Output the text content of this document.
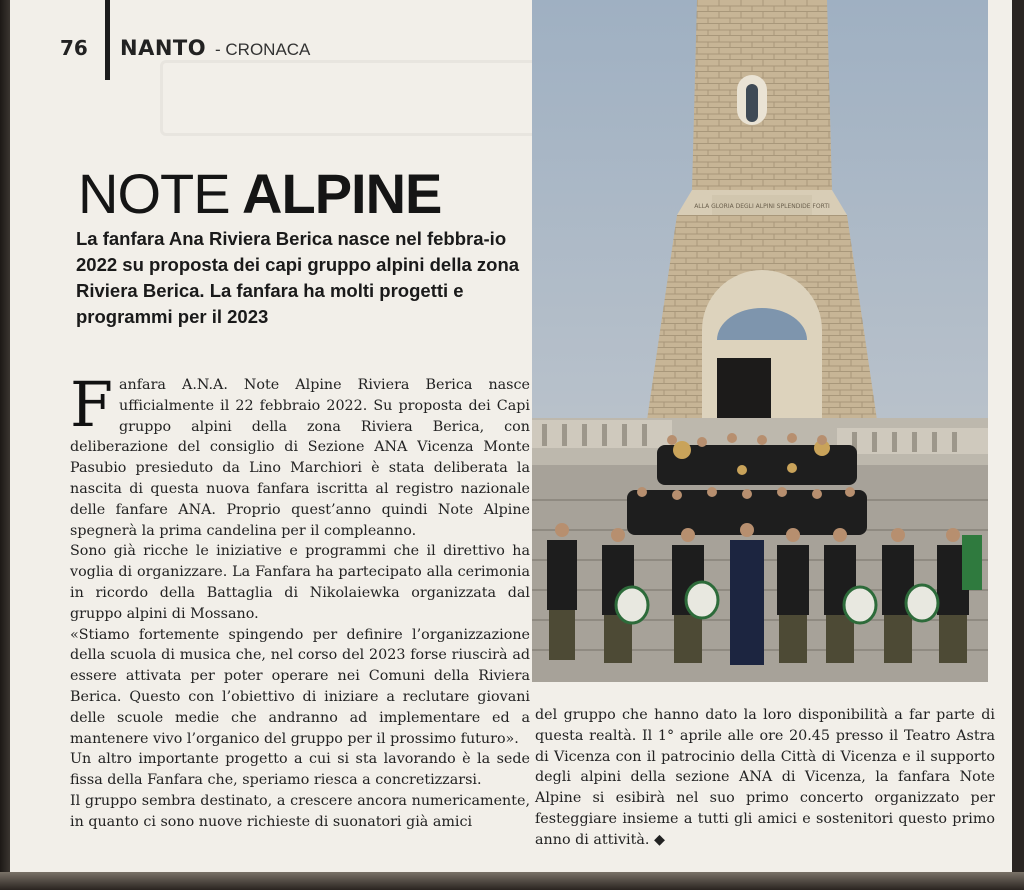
76 NANTO - CRONACA
NOTE ALPINE

La fanfara Ana Riviera Berica nasce nel febbra-io 2022 su proposta dei capi gruppo alpini della zona Riviera Berica. La fanfara ha molti progetti e programmi per il 2023

Fanfara A.N.A. Note Alpine Riviera Berica nasce ufficialmente il 22 febbraio 2022. Su proposta dei Capi gruppo alpini della zona Riviera Berica, con deliberazione del consiglio di Sezione ANA Vicenza Monte Pasubio presieduto da Lino Marchiori è stata deliberata la nascita di questa nuova fanfara iscritta al registro nazionale delle fanfare ANA. Proprio quest’anno quindi Note Alpine spegnerà la prima candelina per il compleanno.

Sono già ricche le iniziative e programmi che il direttivo ha voglia di organizzare. La Fanfara ha partecipato alla cerimonia in ricordo della Battaglia di Nikolaiewka organizzata dal gruppo alpini di Mossano.

«Stiamo fortemente spingendo per definire l’organizzazione della scuola di musica che, nel corso del 2023 forse riuscirà ad essere attivata per poter operare nei Comuni della Riviera Berica. Questo con l’obiettivo di iniziare a reclutare giovani delle scuole medie che andranno ad implementare ed a mantenere vivo l’organico del gruppo per il prossimo futuro».

Un altro importante progetto a cui si sta lavorando è la sede fissa della Fanfara che, speriamo riesca a concretizzarsi.

Il gruppo sembra destinato, a crescere ancora numericamente, in quanto ci sono nuove richieste di suonatori già amici

del gruppo che hanno dato la loro disponibilità a far parte di questa realtà. Il 1° aprile alle ore 20.45 presso il Teatro Astra di Vicenza con il patrocinio della Città di Vicenza e il supporto degli alpini della sezione ANA di Vicenza, la fanfara Note Alpine si esibirà nel suo primo concerto organizzato per festeggiare insieme a tutti gli amici e sostenitori questo primo anno di attività. ◆

ALLA GLORIA DEGLI ALPINI SPLENDIDE FORTI
